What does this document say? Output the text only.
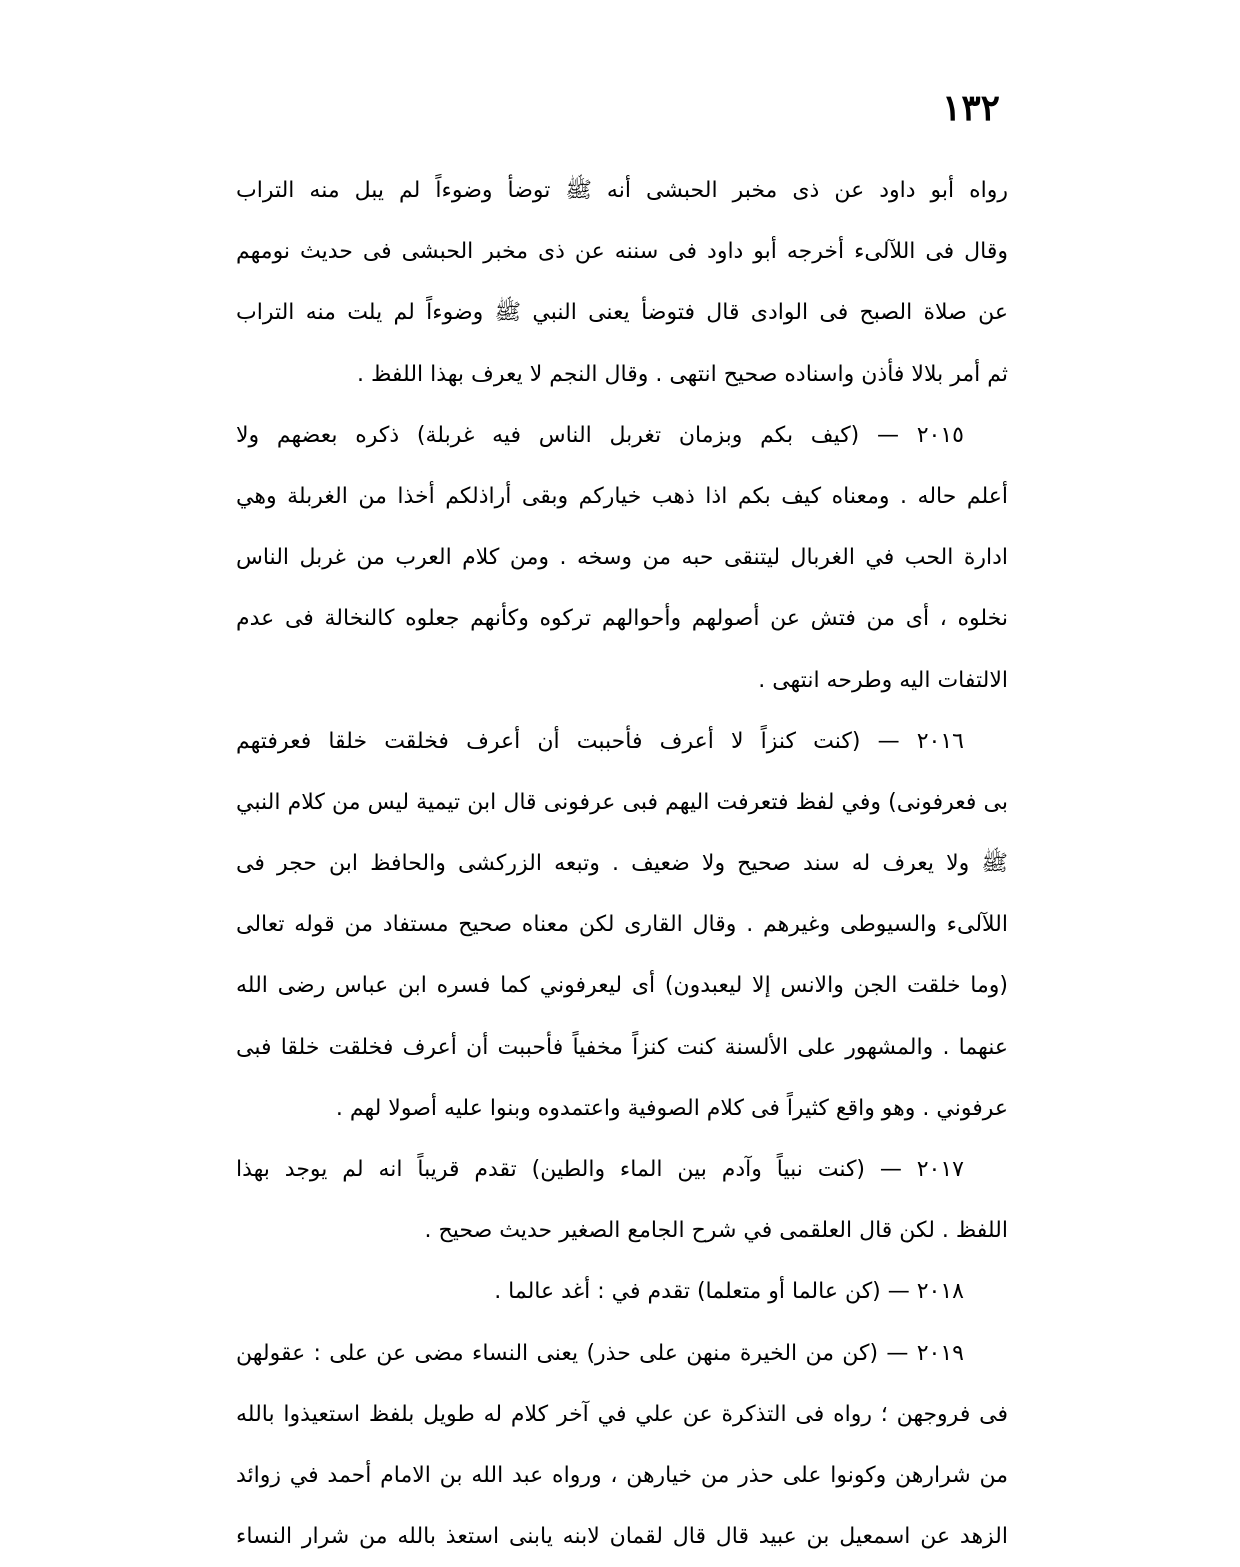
١٣٢
رواه أبو داود عن ذى مخبر الحبشى أنه ﷺ توضأ وضوءاً لم يبل منه التراب
وقال فى اللآلىء أخرجه أبو داود فى سننه عن ذى مخبر الحبشى فى حديث نومهم
عن صلاة الصبح فى الوادى قال فتوضأ يعنى النبي ﷺ وضوءاً لم يلت منه التراب
ثم أمر بلالا فأذن واسناده صحيح انتهى . وقال النجم لا يعرف بهذا اللفظ .
٢٠١٥ — (كيف بكم وبزمان تغربل الناس فيه غربلة) ذكره بعضهم ولا
أعلم حاله . ومعناه كيف بكم اذا ذهب خياركم وبقى أراذلكم أخذا من الغربلة وهي
ادارة الحب في الغربال ليتنقى حبه من وسخه . ومن كلام العرب من غربل الناس
نخلوه ، أى من فتش عن أصولهم وأحوالهم تركوه وكأنهم جعلوه كالنخالة فى عدم
الالتفات اليه وطرحه انتهى .
٢٠١٦ — (كنت كنزاً لا أعرف فأحببت أن أعرف فخلقت خلقا فعرفتهم
بى فعرفونى) وفي لفظ فتعرفت اليهم فبى عرفونى قال ابن تيمية ليس من كلام النبي
ﷺ ولا يعرف له سند صحيح ولا ضعيف . وتبعه الزركشى والحافظ ابن حجر فى
اللآلىء والسيوطى وغيرهم . وقال القارى لكن معناه صحيح مستفاد من قوله تعالى
(وما خلقت الجن والانس إلا ليعبدون) أى ليعرفوني كما فسره ابن عباس رضى الله
عنهما . والمشهور على الألسنة كنت كنزاً مخفياً فأحببت أن أعرف فخلقت خلقا فبى
عرفوني . وهو واقع كثيراً فى كلام الصوفية واعتمدوه وبنوا عليه أصولا لهم .
٢٠١٧ — (كنت نبياً وآدم بين الماء والطين) تقدم قريباً انه لم يوجد بهذا
اللفظ . لكن قال العلقمى في شرح الجامع الصغير حديث صحيح .
٢٠١٨ — (كن عالما أو متعلما) تقدم في : أغد عالما .
٢٠١٩ — (كن من الخيرة منهن على حذر) يعنى النساء مضى عن على : عقولهن
فى فروجهن ؛ رواه فى التذكرة عن علي في آخر كلام له طويل بلفظ استعيذوا بالله
من شرارهن وكونوا على حذر من خيارهن ، ورواه عبد الله بن الامام أحمد في زوائد
الزهد عن اسمعيل بن عبيد قال قال لقمان لابنه يابنى استعذ بالله من شرار النساء
